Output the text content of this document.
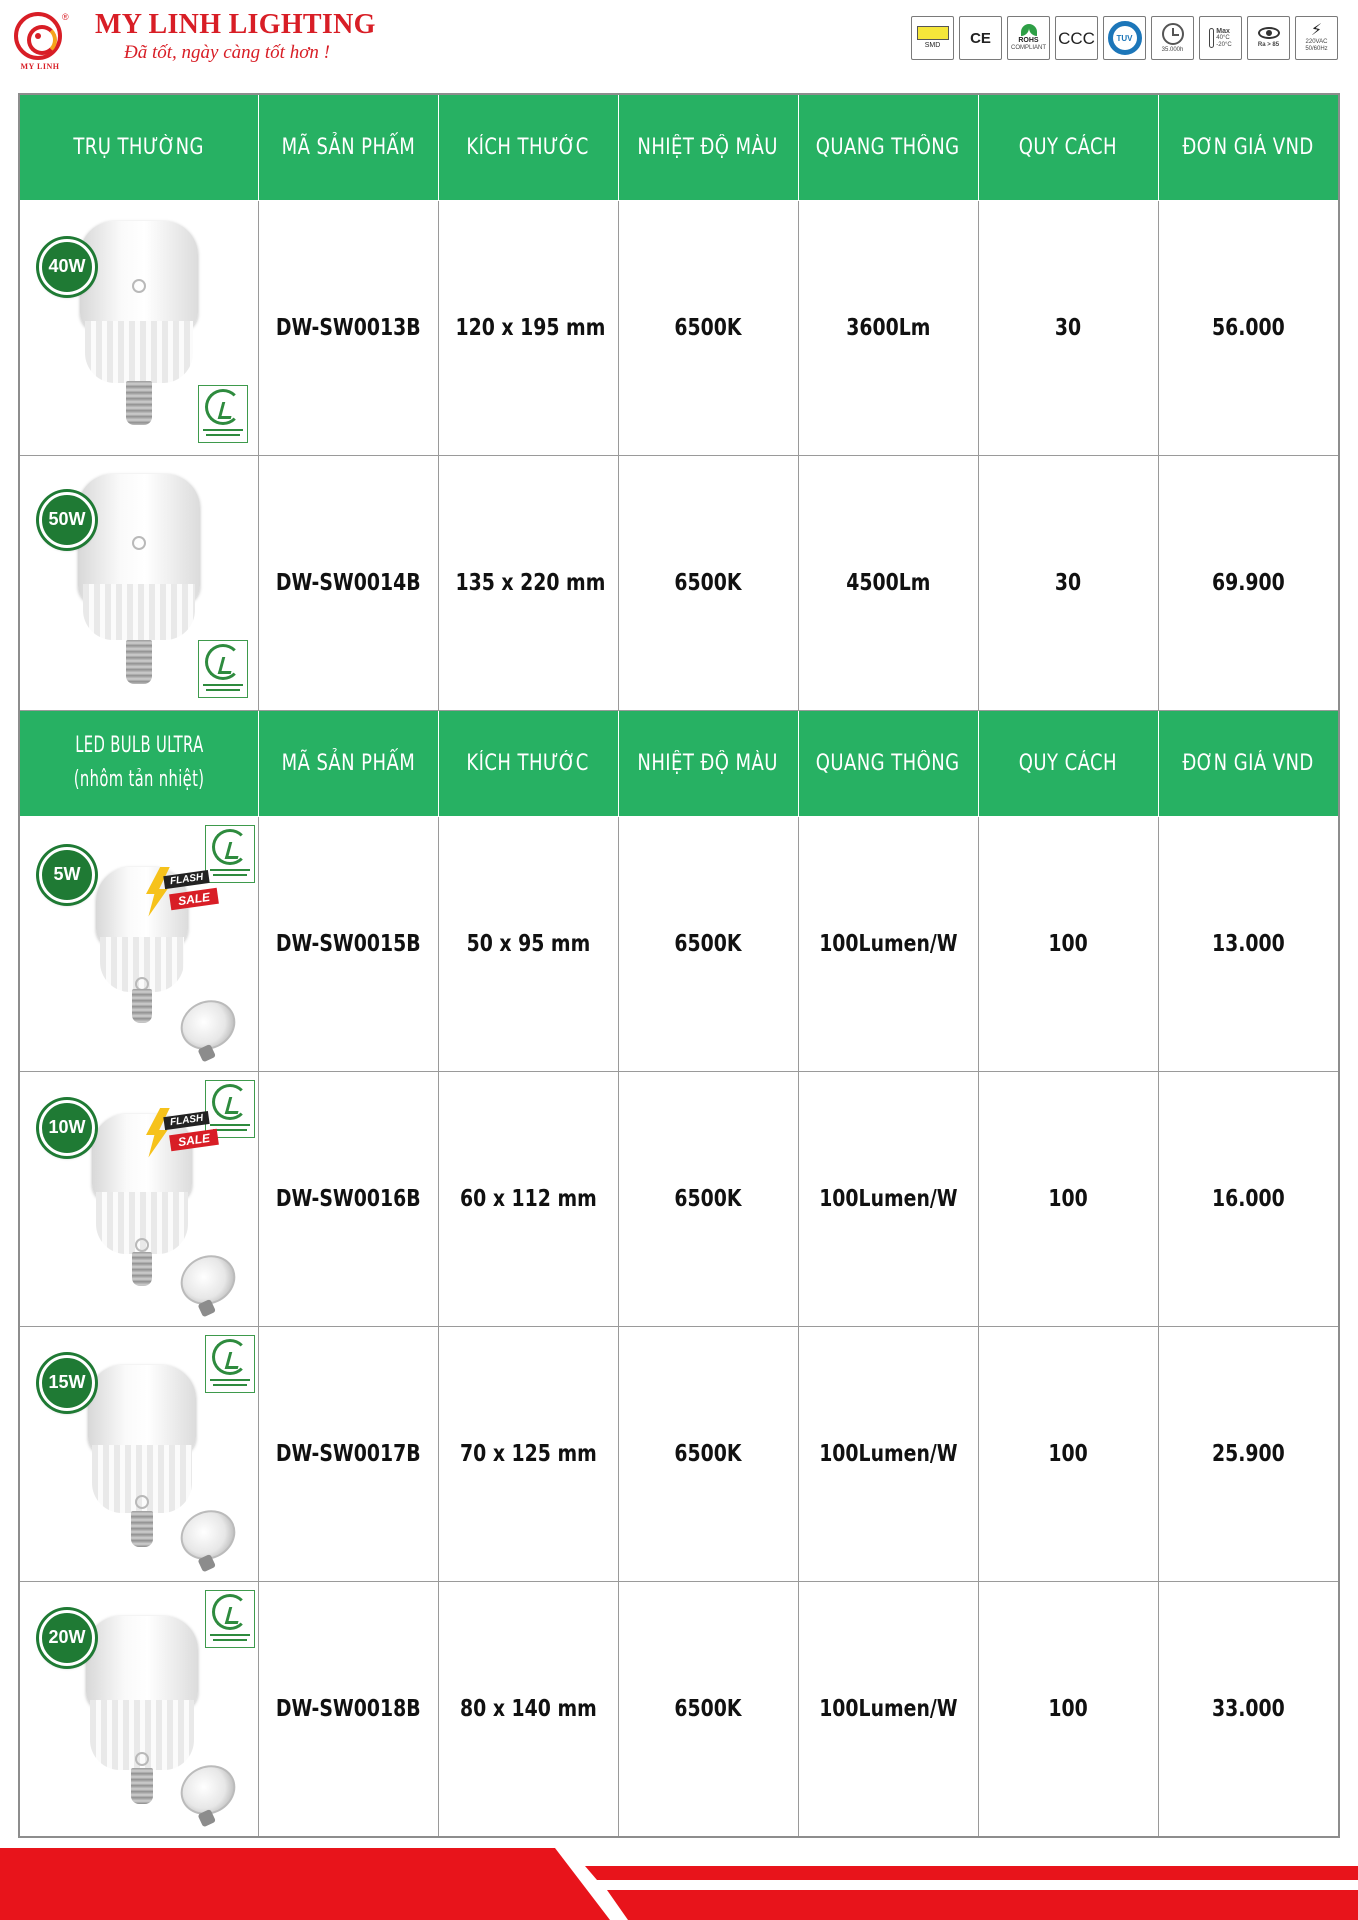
MY LINH
® MY LINH LIGHTING
Đã tốt, ngày càng tốt hơn !	SMD CE	ROHS
COMPLIANT
CCC	TUV
35.000h
Max
40°C
-20°C	Ra > 85
⚡
220VAC
50/60Hz
TRỤ THƯỜNG	MÃ SẢN PHẨM	KÍCH THƯỚC	NHIỆT ĐỘ MÀU	QUANG THÔNG	QUY CÁCH	ĐƠN GIÁ VND

40W	DW-SW0013B	120 x 195 mm	6500K	3600Lm	30	56.000

50W	DW-SW0014B	135 x 220 mm	6500K	4500Lm	30	69.900
LED BULB ULTRA
(nhôm tản nhiệt)	MÃ SẢN PHẨM	KÍCH THƯỚC	NHIỆT ĐỘ MÀU	QUANG THÔNG	QUY CÁCH	ĐƠN GIÁ VND

5W FLASH
SALE	DW-SW0015B	50 x 95 mm	6500K	100Lumen/W	100	13.000

10W FLASH
SALE	DW-SW0016B	60 x 112 mm	6500K	100Lumen/W	100	16.000

15W	DW-SW0017B	70 x 125 mm	6500K	100Lumen/W	100	25.900

20W	DW-SW0018B	80 x 140 mm	6500K	100Lumen/W	100	33.000
